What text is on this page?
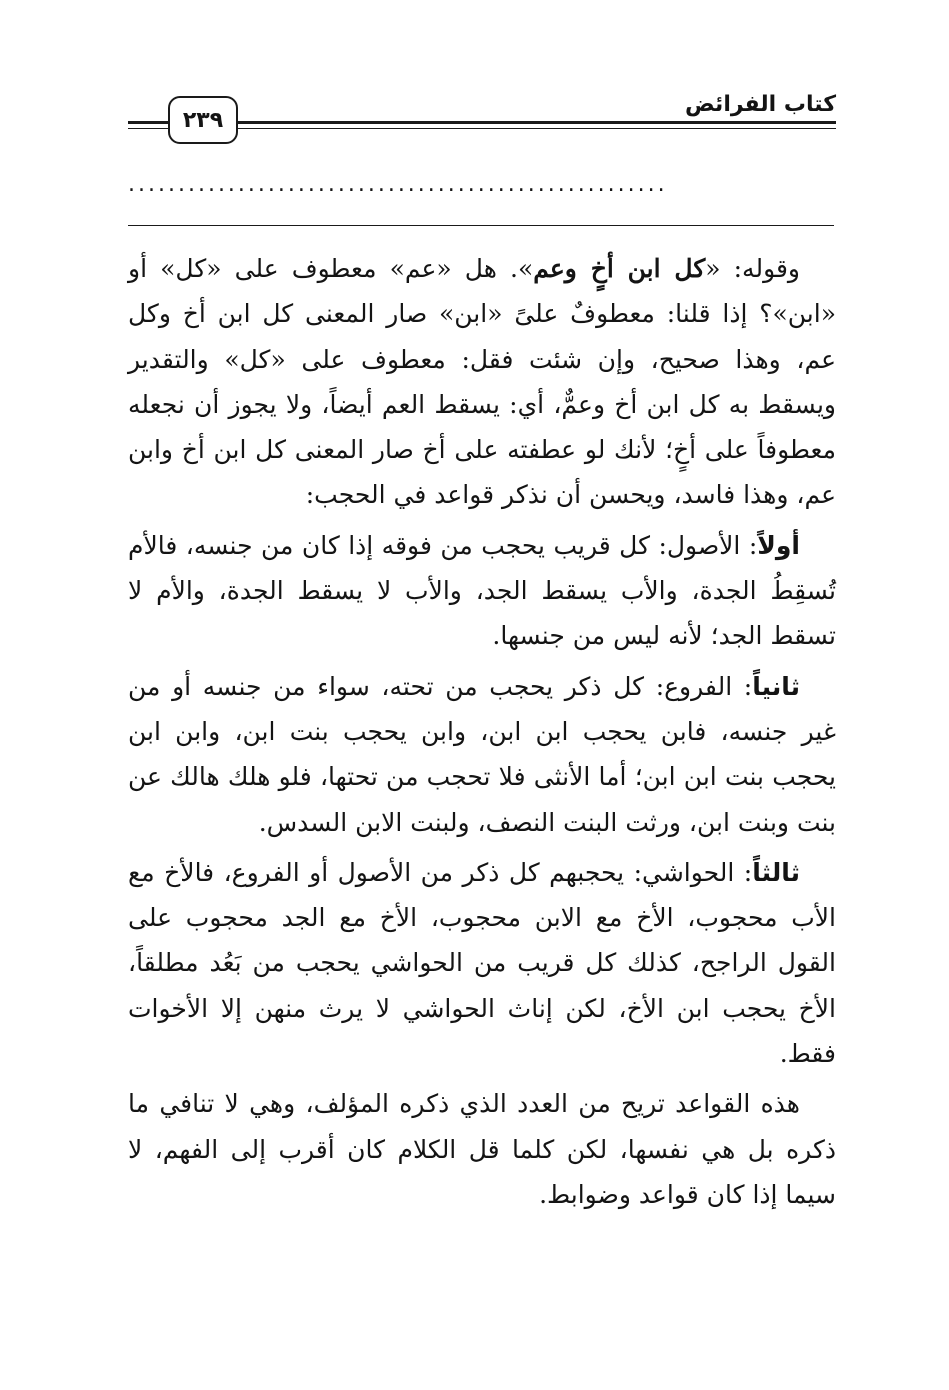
٢٣٩
كتاب الفرائض
......................................................

وقوله: «كل ابن أخٍ وعم». هل «عم» معطوف على «كل» أو «ابن»؟ إذا قلنا: معطوفٌ علىً «ابن» صار المعنى كل ابن أخ وكل عم، وهذا صحيح، وإن شئت فقل: معطوف على «كل» والتقدير ويسقط به كل ابن أخ وعمٌّ، أي: يسقط العم أيضاً، ولا يجوز أن نجعله معطوفاً على أخٍ؛ لأنك لو عطفته على أخ صار المعنى كل ابن أخ وابن عم، وهذا فاسد، ويحسن أن نذكر قواعد في الحجب:

أولاً: الأصول: كل قريب يحجب من فوقه إذا كان من جنسه، فالأم تُسقِطُ الجدة، والأب يسقط الجد، والأب لا يسقط الجدة، والأم لا تسقط الجد؛ لأنه ليس من جنسها.

ثانياً: الفروع: كل ذكر يحجب من تحته، سواء من جنسه أو من غير جنسه، فابن يحجب ابن ابن، وابن يحجب بنت ابن، وابن ابن يحجب بنت ابن ابن؛ أما الأنثى فلا تحجب من تحتها، فلو هلك هالك عن بنت وبنت ابن، ورثت البنت النصف، ولبنت الابن السدس.

ثالثاً: الحواشي: يحجبهم كل ذكر من الأصول أو الفروع، فالأخ مع الأب محجوب، الأخ مع الابن محجوب، الأخ مع الجد محجوب على القول الراجح، كذلك كل قريب من الحواشي يحجب من بَعُد مطلقاً، الأخ يحجب ابن الأخ، لكن إناث الحواشي لا يرث منهن إلا الأخوات فقط.

هذه القواعد تريح من العدد الذي ذكره المؤلف، وهي لا تنافي ما ذكره بل هي نفسها، لكن كلما قل الكلام كان أقرب إلى الفهم، لا سيما إذا كان قواعد وضوابط.
